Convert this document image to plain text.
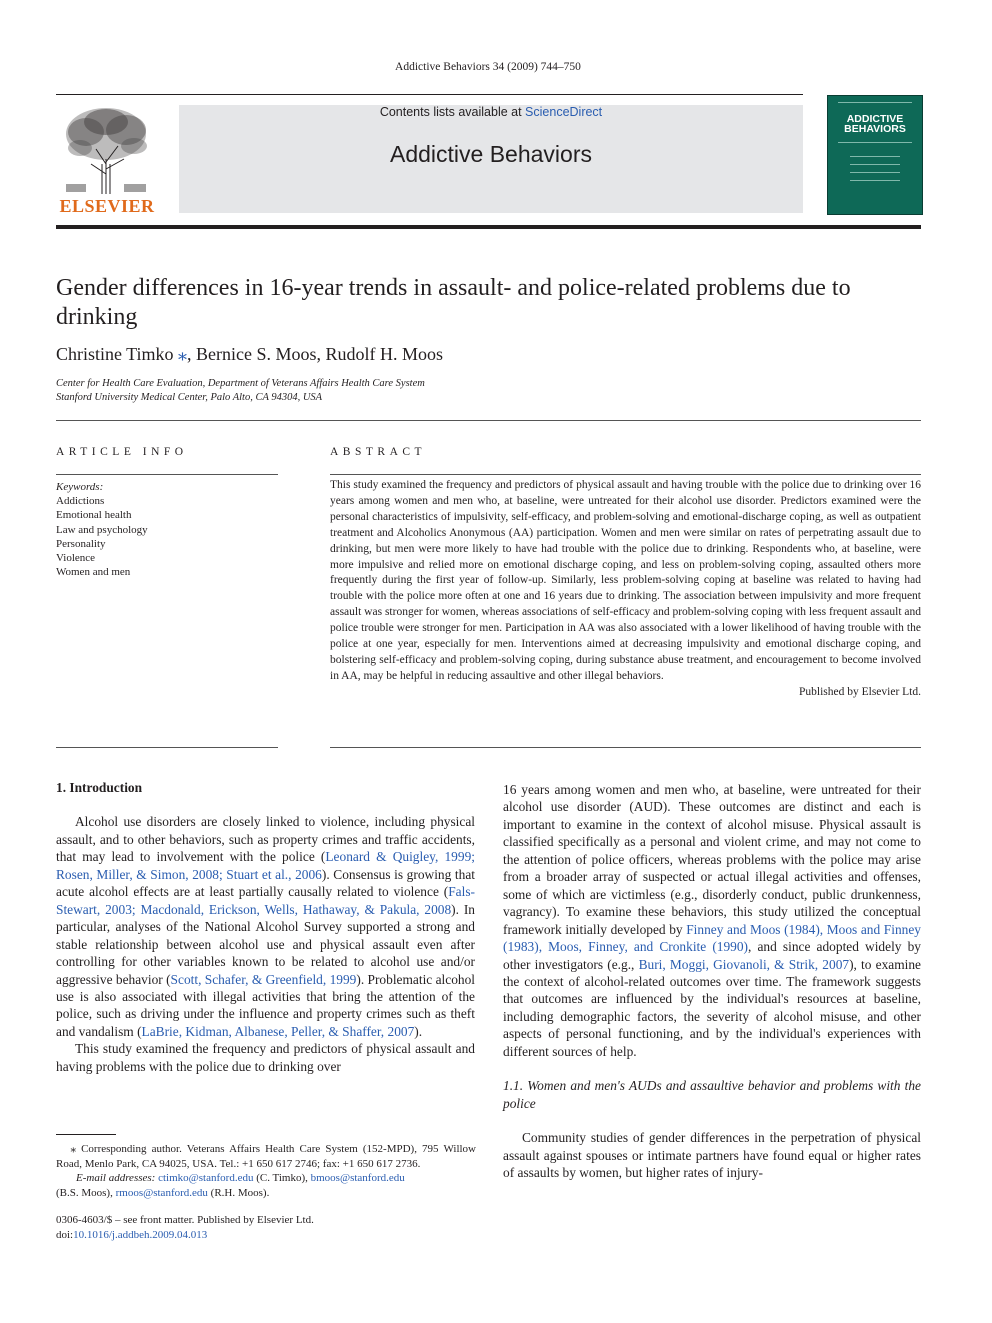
Addictive Behaviors 34 (2009) 744–750
ELSEVIER
Contents lists available at ScienceDirect
Addictive Behaviors
ADDICTIVE BEHAVIORS
Gender differences in 16-year trends in assault- and police-related problems due to drinking
Christine Timko ⁎, Bernice S. Moos, Rudolf H. Moos
Center for Health Care Evaluation, Department of Veterans Affairs Health Care System
Stanford University Medical Center, Palo Alto, CA 94304, USA
ARTICLE INFO	ABSTRACT
Keywords:
Addictions
Emotional health
Law and psychology
Personality
Violence
Women and men
This study examined the frequency and predictors of physical assault and having trouble with the police due to drinking over 16 years among women and men who, at baseline, were untreated for their alcohol use disorder. Predictors examined were the personal characteristics of impulsivity, self-efficacy, and problem-solving and emotional-discharge coping, as well as outpatient treatment and Alcoholics Anonymous (AA) participation. Women and men were similar on rates of perpetrating assault due to drinking, but men were more likely to have had trouble with the police due to drinking. Respondents who, at baseline, were more impulsive and relied more on emotional discharge coping, and less on problem-solving coping, assaulted others more frequently during the first year of follow-up. Similarly, less problem-solving coping at baseline was related to having had trouble with the police more often at one and 16 years due to drinking. The association between impulsivity and more frequent assault was stronger for women, whereas associations of self-efficacy and problem-solving coping with less frequent assault and police trouble were stronger for men. Participation in AA was also associated with a lower likelihood of having trouble with the police at one year, especially for men. Interventions aimed at decreasing impulsivity and emotional discharge coping, and bolstering self-efficacy and problem-solving coping, during substance abuse treatment, and encouragement to become involved in AA, may be helpful in reducing assaultive and other illegal behaviors.
Published by Elsevier Ltd.

1. Introduction

Alcohol use disorders are closely linked to violence, including physical assault, and to other behaviors, such as property crimes and traffic accidents, that may lead to involvement with the police (Leonard & Quigley, 1999; Rosen, Miller, & Simon, 2008; Stuart et al., 2006). Consensus is growing that acute alcohol effects are at least partially causally related to violence (Fals-Stewart, 2003; Macdonald, Erickson, Wells, Hathaway, & Pakula, 2008). In particular, analyses of the National Alcohol Survey supported a strong and stable relationship between alcohol use and physical assault even after controlling for other variables known to be related to alcohol use and/or aggressive behavior (Scott, Schafer, & Greenfield, 1999). Problematic alcohol use is also associated with illegal activities that bring the attention of the police, such as driving under the influence and property crimes such as theft and vandalism (LaBrie, Kidman, Albanese, Peller, & Shaffer, 2007).

This study examined the frequency and predictors of physical assault and having problems with the police due to drinking over

16 years among women and men who, at baseline, were untreated for their alcohol use disorder (AUD). These outcomes are distinct and each is important to examine in the context of alcohol misuse. Physical assault is classified specifically as a personal and violent crime, and may not come to the attention of police officers, whereas problems with the police may arise from a broader array of suspected or actual illegal activities and offenses, some of which are victimless (e.g., disorderly conduct, public drunkenness, vagrancy). To examine these behaviors, this study utilized the conceptual framework initially developed by Finney and Moos (1984), Moos and Finney (1983), Moos, Finney, and Cronkite (1990), and since adopted widely by other investigators (e.g., Buri, Moggi, Giovanoli, & Strik, 2007), to examine the context of alcohol-related outcomes over time. The framework suggests that outcomes are influenced by the individual's resources at baseline, including demographic factors, the severity of alcohol misuse, and other aspects of personal functioning, and by the individual's experiences with different sources of help.

1.1. Women and men's AUDs and assaultive behavior and problems with the police

Community studies of gender differences in the perpetration of physical assault against spouses or intimate partners have found equal or higher rates of assaults by women, but higher rates of injury-

⁎ Corresponding author. Veterans Affairs Health Care System (152-MPD), 795 Willow Road, Menlo Park, CA 94025, USA. Tel.: +1 650 617 2746; fax: +1 650 617 2736.
E-mail addresses: ctimko@stanford.edu (C. Timko), bmoos@stanford.edu
(B.S. Moos), rmoos@stanford.edu (R.H. Moos).
0306-4603/$ – see front matter. Published by Elsevier Ltd.
doi:10.1016/j.addbeh.2009.04.013
